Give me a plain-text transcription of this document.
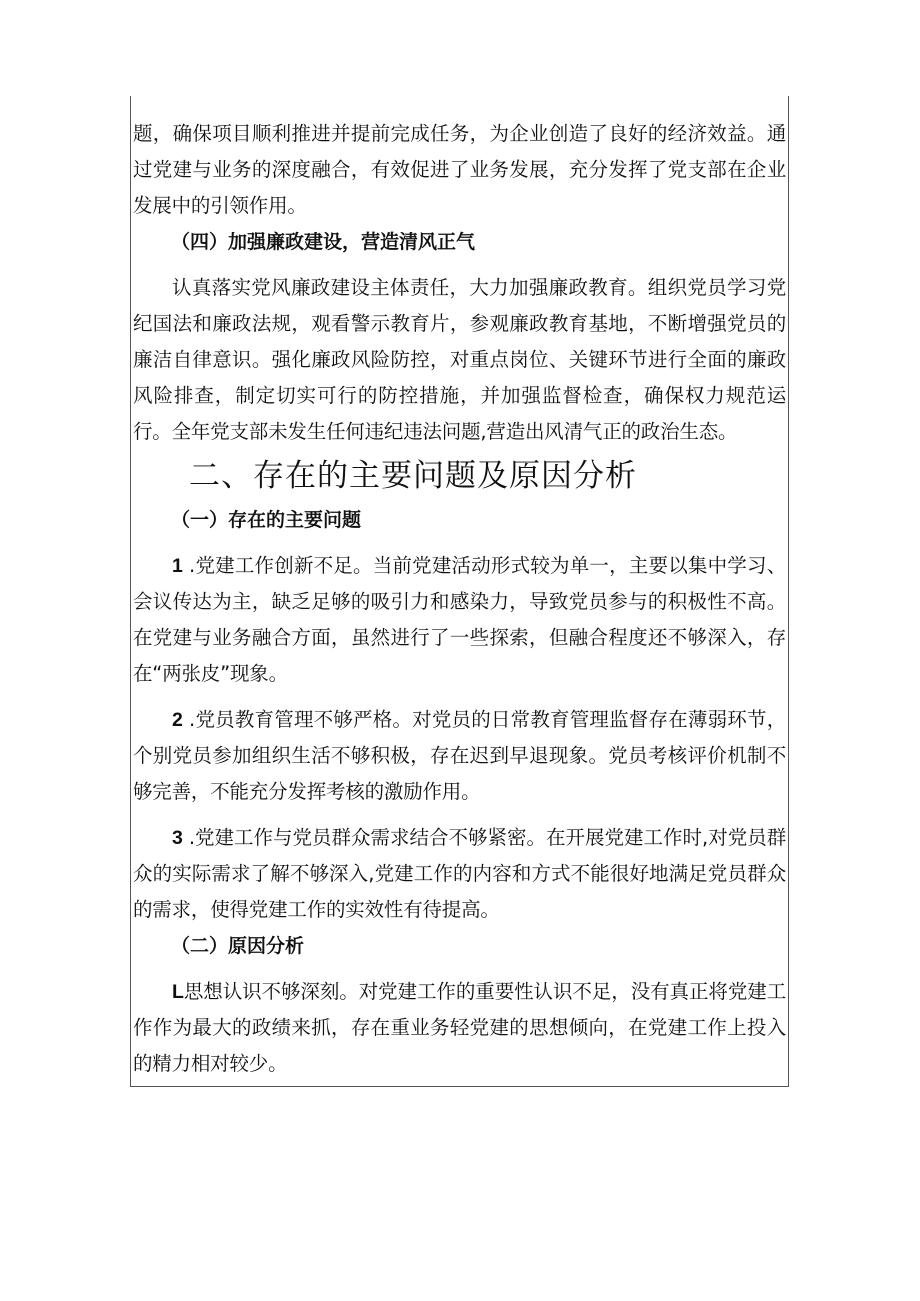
题，确保项目顺利推进并提前完成任务，为企业创造了良好的经济效益。通过党建与业务的深度融合，有效促进了业务发展，充分发挥了党支部在企业发展中的引领作用。

（四）加强廉政建设，营造清风正气

认真落实党风廉政建设主体责任，大力加强廉政教育。组织党员学习党纪国法和廉政法规，观看警示教育片，参观廉政教育基地，不断增强党员的廉洁自律意识。强化廉政风险防控，对重点岗位、关键环节进行全面的廉政风险排查，制定切实可行的防控措施，并加强监督检查，确保权力规范运行。全年党支部未发生任何违纪违法问题,营造出风清气正的政治生态。

二、存在的主要问题及原因分析
（一）存在的主要问题

1 .党建工作创新不足。当前党建活动形式较为单一，主要以集中学习、会议传达为主，缺乏足够的吸引力和感染力，导致党员参与的积极性不高。在党建与业务融合方面，虽然进行了一些探索，但融合程度还不够深入，存在“两张皮”现象。

2 .党员教育管理不够严格。对党员的日常教育管理监督存在薄弱环节，个别党员参加组织生活不够积极，存在迟到早退现象。党员考核评价机制不够完善，不能充分发挥考核的激励作用。

3 .党建工作与党员群众需求结合不够紧密。在开展党建工作时,对党员群众的实际需求了解不够深入,党建工作的内容和方式不能很好地满足党员群众的需求，使得党建工作的实效性有待提高。

（二）原因分析

L思想认识不够深刻。对党建工作的重要性认识不足，没有真正将党建工作作为最大的政绩来抓，存在重业务轻党建的思想倾向，在党建工作上投入的精力相对较少。
